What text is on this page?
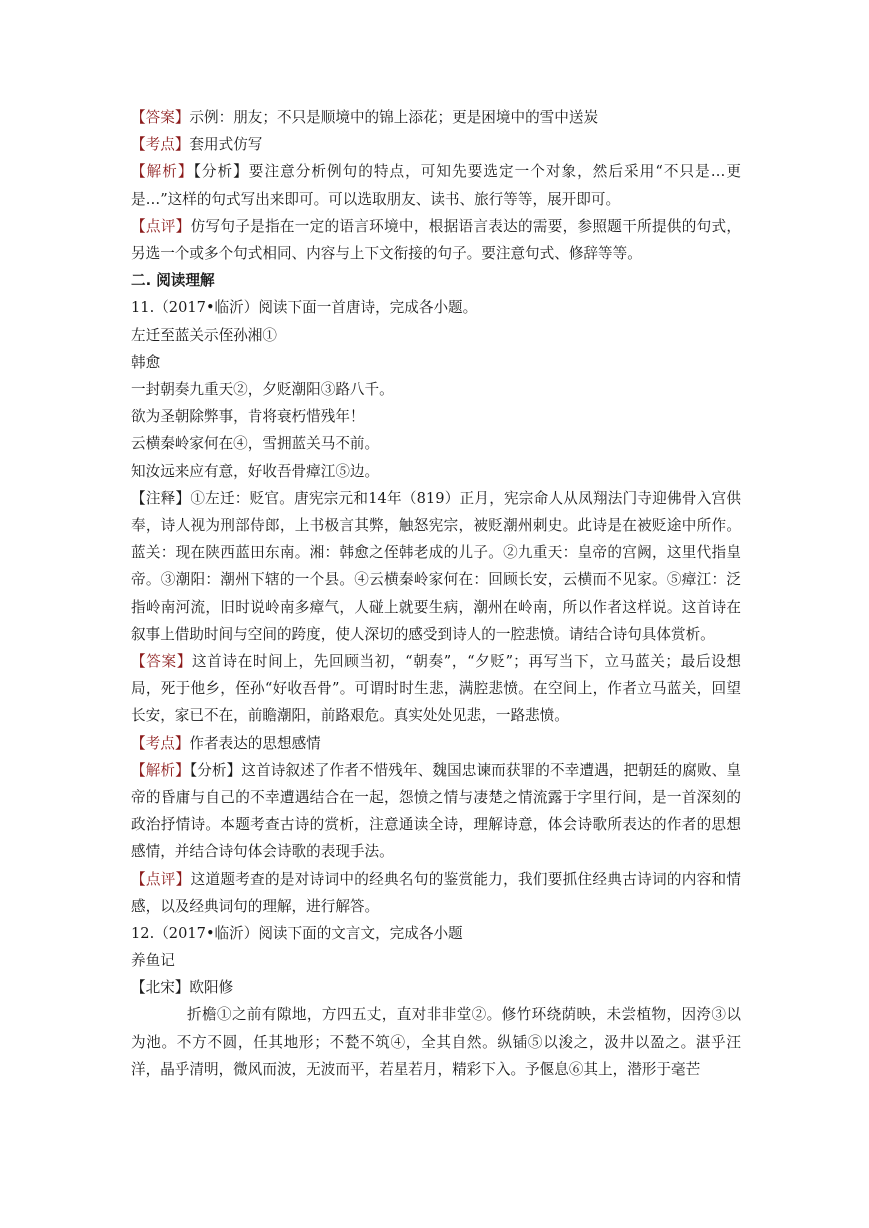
【答案】示例：朋友；不只是顺境中的锦上添花；更是困境中的雪中送炭
【考点】套用式仿写
【解析】【分析】要注意分析例句的特点，可知先要选定一个对象，然后采用“不只是…更是…”这样的句式写出来即可。可以选取朋友、读书、旅行等等，展开即可。
【点评】仿写句子是指在一定的语言环境中，根据语言表达的需要，参照题干所提供的句式，另选一个或多个句式相同、内容与上下文衔接的句子。要注意句式、修辞等等。
二. 阅读理解
11.（2017•临沂）阅读下面一首唐诗，完成各小题。
左迁至蓝关示侄孙湘①
韩愈
一封朝奏九重天②，夕贬潮阳③路八千。
欲为圣朝除弊事，肯将衰朽惜残年！
云横秦岭家何在④，雪拥蓝关马不前。
知汝远来应有意，好收吾骨瘴江⑤边。
【注释】①左迁：贬官。唐宪宗元和14年（819）正月，宪宗命人从凤翔法门寺迎佛骨入宫供奉，诗人视为刑部侍郎，上书极言其弊，触怒宪宗，被贬潮州刺史。此诗是在被贬途中所作。蓝关：现在陕西蓝田东南。湘：韩愈之侄韩老成的儿子。②九重天：皇帝的宫阙，这里代指皇帝。③潮阳：潮州下辖的一个县。④云横秦岭家何在：回顾长安，云横而不见家。⑤瘴江：泛指岭南河流，旧时说岭南多瘴气，人碰上就要生病，潮州在岭南，所以作者这样说。这首诗在叙事上借助时间与空间的跨度，使人深切的感受到诗人的一腔悲愤。请结合诗句具体赏析。
【答案】这首诗在时间上，先回顾当初，“朝奏”，“夕贬”；再写当下，立马蓝关；最后设想局，死于他乡，侄孙“好收吾骨”。可谓时时生悲，满腔悲愤。在空间上，作者立马蓝关，回望长安，家已不在，前瞻潮阳，前路艰危。真实处处见悲，一路悲愤。
【考点】作者表达的思想感情
【解析】【分析】这首诗叙述了作者不惜残年、魏国忠谏而获罪的不幸遭遇，把朝廷的腐败、皇帝的昏庸与自己的不幸遭遇结合在一起，怨愤之情与凄楚之情流露于字里行间，是一首深刻的政治抒情诗。本题考查古诗的赏析，注意通读全诗，理解诗意，体会诗歌所表达的作者的思想感情，并结合诗句体会诗歌的表现手法。
【点评】这道题考查的是对诗词中的经典名句的鉴赏能力，我们要抓住经典古诗词的内容和情感，以及经典词句的理解，进行解答。
12.（2017•临沂）阅读下面的文言文，完成各小题
养鱼记
【北宋】欧阳修
折檐①之前有隙地，方四五丈，直对非非堂②。修竹环绕荫映，未尝植物，因洿③以为池。不方不圆，任其地形；不甃不筑④，全其自然。纵锸⑤以浚之，汲井以盈之。湛乎汪洋，晶乎清明，微风而波，无波而平，若星若月，精彩下入。予偃息⑥其上，潜形于毫芒
